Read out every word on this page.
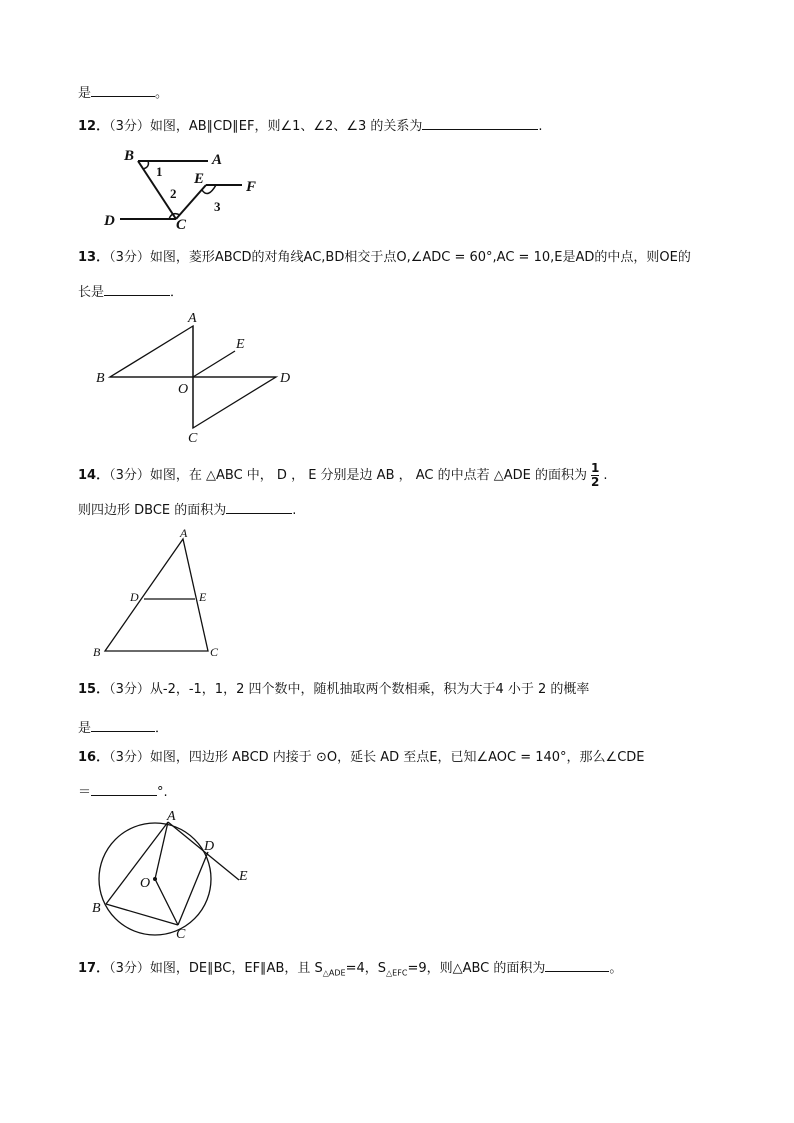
是	。
12．（3分）如图，AB∥CD∥EF，则∠1、∠2、∠3 的关系为	.
B	A
E	F
D	C
1
2
3
13．（3分）如图，菱形ABCD的对角线AC,BD相交于点O,∠ADC = 60°,AC = 10,E是AD的中点，则OE的
长是	．
A
B	D
C
E
O
14．（3分）如图，在 △ABC 中， D ， E 分别是边 AB ， AC 的中点若 △ADE 的面积为 $\frac{1}{2}$ .
则四边形 DBCE 的面积为	.
A
D	E
B	C
15．（3分）从-2，-1，1，2 四个数中，随机抽取两个数相乘，积为大于4 小于 2 的概率
是	．
16．（3分）如图，四边形 ABCD 内接于 ⊙O，延长 AD 至点E，已知∠AOC = 140°，那么∠CDE
＝	°.
A
D
E
O
B
C
17．（3分）如图，DE∥BC，EF∥AB，且 $S_{\triangle ADE}=4$，$S_{\triangle EFC}=9$，则△ABC 的面积为	。
